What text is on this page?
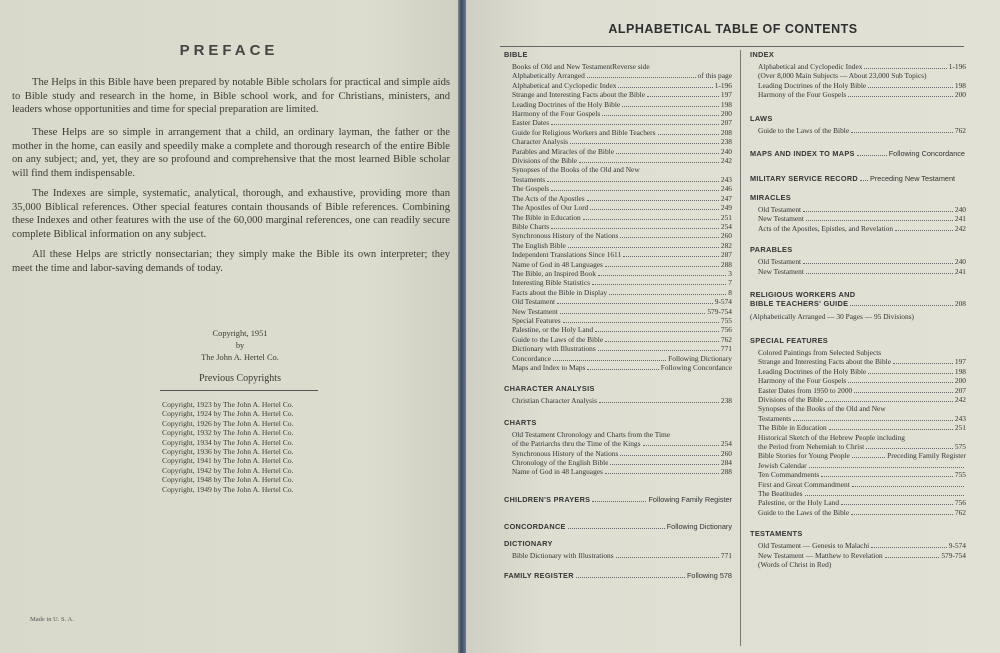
PREFACE
The Helps in this Bible have been prepared by notable Bible scholars for practical and simple aids to Bible study and research in the home, in Bible school work, and for Christians, ministers, and leaders whose opportunities and time for special preparation are limited.
These Helps are so simple in arrangement that a child, an ordinary layman, the father or the mother in the home, can easily and speedily make a complete and thorough research of the entire Bible on any subject; and, yet, they are so profound and comprehensive that the most learned Bible scholar will find them indispensable.
The Indexes are simple, systematic, analytical, thorough, and exhaustive, providing more than 35,000 Biblical references. Other special features contain thousands of Bible references. Combining these Indexes and other features with the use of the 60,000 marginal references, one can readily secure complete Biblical information on any subject.
All these Helps are strictly nonsectarian; they simply make the Bible its own interpreter; they meet the time and labor-saving demands of today.
Copyright, 1951
by
The John A. Hertel Co.
Previous Copyrights
Copyright, 1923 by The John A. Hertel Co.
Copyright, 1924 by The John A. Hertel Co.
Copyright, 1926 by The John A. Hertel Co.
Copyright, 1932 by The John A. Hertel Co.
Copyright, 1934 by The John A. Hertel Co.
Copyright, 1936 by The John A. Hertel Co.
Copyright, 1941 by The John A. Hertel Co.
Copyright, 1942 by The John A. Hertel Co.
Copyright, 1948 by The John A. Hertel Co.
Copyright, 1949 by The John A. Hertel Co.
Made in U. S. A.
ALPHABETICAL TABLE OF CONTENTS
BIBLE
Books of Old and New Testament Reverse side
Alphabetically Arranged	of this page
Alphabetical and Cyclopedic Index	1-196
Strange and Interesting Facts about the Bible	197
Leading Doctrines of the Holy Bible	198
Harmony of the Four Gospels	200
Easter Dates	207
Guide for Religious Workers and Bible Teachers	208
Character Analysis	238
Parables and Miracles of the Bible	240
Divisions of the Bible	242
Synopses of the Books of the Old and New
Testaments	243
The Gospels	246
The Acts of the Apostles	247
The Apostles of Our Lord	249
The Bible in Education	251
Bible Charts	254
Synchronous History of the Nations	260
The English Bible	282
Independent Translations Since 1611	287
Name of God in 48 Languages	288
The Bible, an Inspired Book	3
Interesting Bible Statistics	7
Facts about the Bible in Display	8
Old Testament	9-574
New Testament	579-754
Special Features	755
Palestine, or the Holy Land	756
Guide to the Laws of the Bible	762
Dictionary with Illustrations	771
Concordance	Following Dictionary
Maps and Index to Maps	Following Concordance
CHARACTER ANALYSIS
Christian Character Analysis	238
CHARTS
Old Testament Chronology and Charts from the Time
of the Patriarchs thru the Time of the Kings	254
Synchronous History of the Nations	260
Chronology of the English Bible	284
Name of God in 48 Languages	288
CHILDREN'S PRAYERS	Following Family Register
CONCORDANCE	Following Dictionary
DICTIONARY
Bible Dictionary with Illustrations	771
FAMILY REGISTER	Following 578
INDEX
Alphabetical and Cyclopedic Index	1-196
(Over 8,000 Main Subjects — About 23,000 Sub Topics)
Leading Doctrines of the Holy Bible	198
Harmony of the Four Gospels	200
LAWS
Guide to the Laws of the Bible	762
MAPS AND INDEX TO MAPS	Following Concordance
MILITARY SERVICE RECORD Preceding New Testament
MIRACLES
Old Testament	240
New Testament	241
Acts of the Apostles, Epistles, and Revelation	242
PARABLES
Old Testament	240
New Testament	241
RELIGIOUS WORKERS AND
BIBLE TEACHERS' GUIDE	208
(Alphabetically Arranged — 30 Pages — 95 Divisions)
SPECIAL FEATURES
Colored Paintings from Selected Subjects
Strange and Interesting Facts about the Bible	197
Leading Doctrines of the Holy Bible	198
Harmony of the Four Gospels	200
Easter Dates from 1950 to 2000	207
Divisions of the Bible	242
Synopses of the Books of the Old and New
Testaments	243
The Bible in Education	251
Historical Sketch of the Hebrew People including
the Period from Nehemiah to Christ	575
Bible Stories for Young People	Preceding Family Register
Jewish Calendar
Ten Commandments	755
First and Great Commandment
The Beatitudes
Palestine, or the Holy Land	756
Guide to the Laws of the Bible	762
TESTAMENTS
Old Testament — Genesis to Malachi	9-574
New Testament — Matthew to Revelation	579-754
(Words of Christ in Red)
